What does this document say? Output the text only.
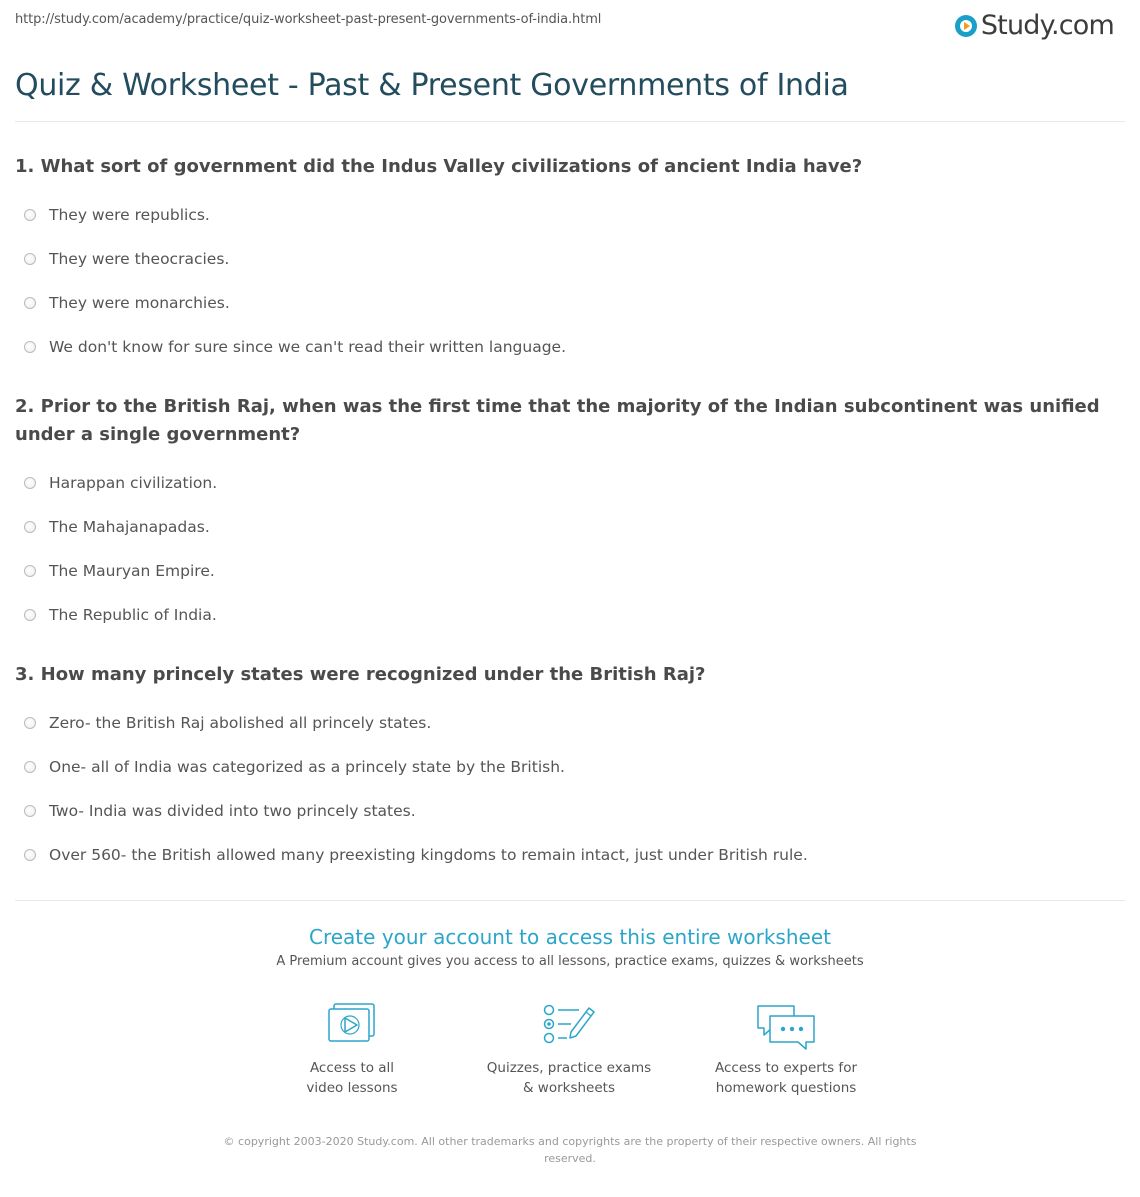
http://study.com/academy/practice/quiz-worksheet-past-present-governments-of-india.html	Study.com
Quiz & Worksheet - Past & Present Governments of India

1. What sort of government did the Indus Valley civilizations of ancient India have?

They were republics.
They were theocracies.
They were monarchies.
We don't know for sure since we can't read their written language.

2. Prior to the British Raj, when was the first time that the majority of the Indian subcontinent was unified under a single government?

Harappan civilization.
The Mahajanapadas.
The Mauryan Empire.
The Republic of India.

3. How many princely states were recognized under the British Raj?

Zero- the British Raj abolished all princely states.
One- all of India was categorized as a princely state by the British.
Two- India was divided into two princely states.
Over 560- the British allowed many preexisting kingdoms to remain intact, just under British rule.
Create your account to access this entire worksheet
A Premium account gives you access to all lessons, practice exams, quizzes & worksheets
Access to all
video lessons
Quizzes, practice exams
& worksheets
Access to experts for
homework questions
© copyright 2003-2020 Study.com. All other trademarks and copyrights are the property of their respective owners. All rights reserved.
